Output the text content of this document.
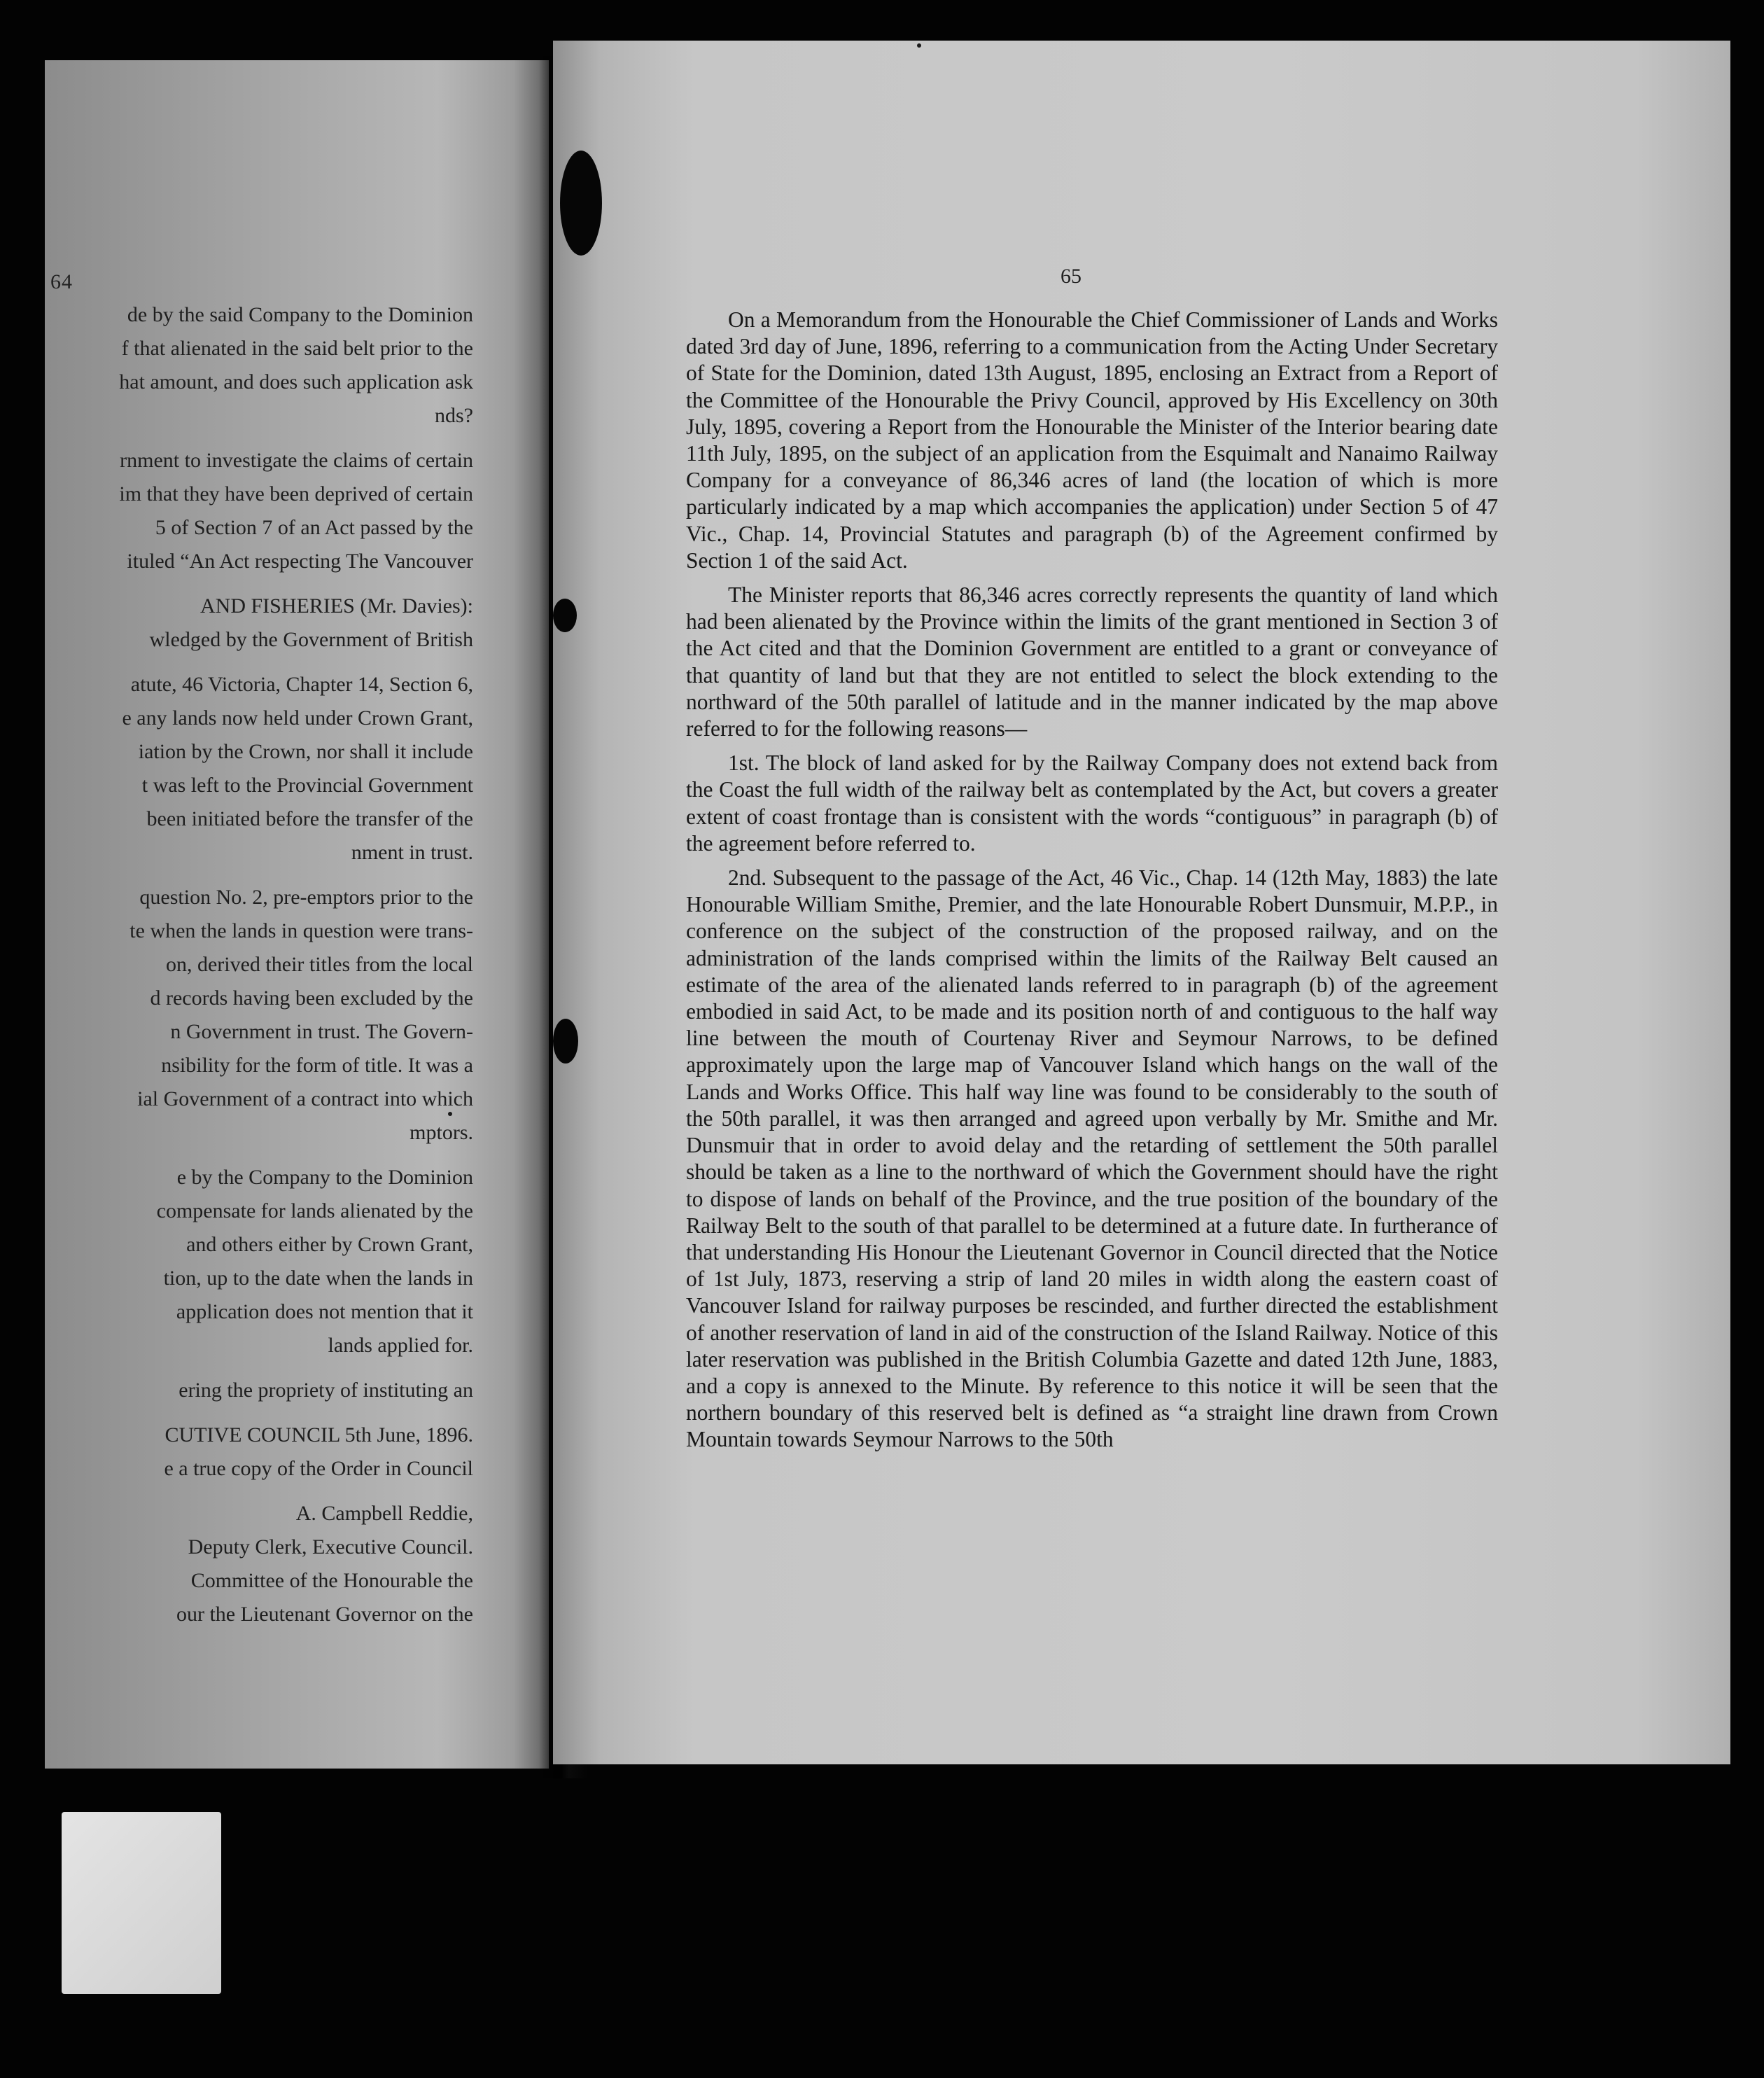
64

de by the said Company to the Dominion

f that alienated in the said belt prior to the

hat amount, and does such application ask

nds?

rnment to investigate the claims of certain

im that they have been deprived of certain

5 of Section 7 of an Act passed by the

ituled “An Act respecting The Vancouver

AND FISHERIES (Mr. Davies):

wledged by the Government of British

atute, 46 Victoria, Chapter 14, Section 6,

e any lands now held under Crown Grant,

iation by the Crown, nor shall it include

t was left to the Provincial Government

been initiated before the transfer of the

nment in trust.

question No. 2, pre-emptors prior to the

te when the lands in question were trans-

on, derived their titles from the local

d records having been excluded by the

n Government in trust. The Govern-

nsibility for the form of title. It was a

ial Government of a contract into which

mptors.

e by the Company to the Dominion

compensate for lands alienated by the

and others either by Crown Grant,

tion, up to the date when the lands in

application does not mention that it

lands applied for.

ering the propriety of instituting an

CUTIVE COUNCIL 5th June, 1896.

e a true copy of the Order in Council

A. Campbell Reddie,

Deputy Clerk, Executive Council.

Committee of the Honourable the

our the Lieutenant Governor on the

65

On a Memorandum from the Honourable the Chief Commissioner of Lands and Works dated 3rd day of June, 1896, referring to a communication from the Acting Under Secretary of State for the Dominion, dated 13th August, 1895, enclosing an Extract from a Report of the Committee of the Honourable the Privy Council, approved by His Excellency on 30th July, 1895, covering a Report from the Honourable the Minister of the Interior bearing date 11th July, 1895, on the subject of an application from the Esquimalt and Nanaimo Railway Company for a conveyance of 86,346 acres of land (the location of which is more particularly indicated by a map which accompanies the application) under Section 5 of 47 Vic., Chap. 14, Provincial Statutes and paragraph (b) of the Agreement confirmed by Section 1 of the said Act.

The Minister reports that 86,346 acres correctly represents the quantity of land which had been alienated by the Province within the limits of the grant mentioned in Section 3 of the Act cited and that the Dominion Government are entitled to a grant or conveyance of that quantity of land but that they are not entitled to select the block extending to the northward of the 50th parallel of latitude and in the manner indicated by the map above referred to for the following reasons—

1st. The block of land asked for by the Railway Company does not extend back from the Coast the full width of the railway belt as contemplated by the Act, but covers a greater extent of coast frontage than is consistent with the words “contiguous” in paragraph (b) of the agreement before referred to.

2nd. Subsequent to the passage of the Act, 46 Vic., Chap. 14 (12th May, 1883) the late Honourable William Smithe, Premier, and the late Honourable Robert Dunsmuir, M.P.P., in conference on the subject of the construction of the proposed railway, and on the administration of the lands comprised within the limits of the Railway Belt caused an estimate of the area of the alienated lands referred to in paragraph (b) of the agreement embodied in said Act, to be made and its position north of and contiguous to the half way line between the mouth of Courtenay River and Seymour Narrows, to be defined approximately upon the large map of Vancouver Island which hangs on the wall of the Lands and Works Office. This half way line was found to be considerably to the south of the 50th parallel, it was then arranged and agreed upon verbally by Mr. Smithe and Mr. Dunsmuir that in order to avoid delay and the retarding of settlement the 50th parallel should be taken as a line to the northward of which the Government should have the right to dispose of lands on behalf of the Province, and the true position of the boundary of the Railway Belt to the south of that parallel to be determined at a future date. In furtherance of that understanding His Honour the Lieutenant Governor in Council directed that the Notice of 1st July, 1873, reserving a strip of land 20 miles in width along the eastern coast of Vancouver Island for railway purposes be rescinded, and further directed the establishment of another reservation of land in aid of the construction of the Island Railway. Notice of this later reservation was published in the British Columbia Gazette and dated 12th June, 1883, and a copy is annexed to the Minute. By reference to this notice it will be seen that the northern boundary of this reserved belt is defined as “a straight line drawn from Crown Mountain towards Seymour Narrows to the 50th
